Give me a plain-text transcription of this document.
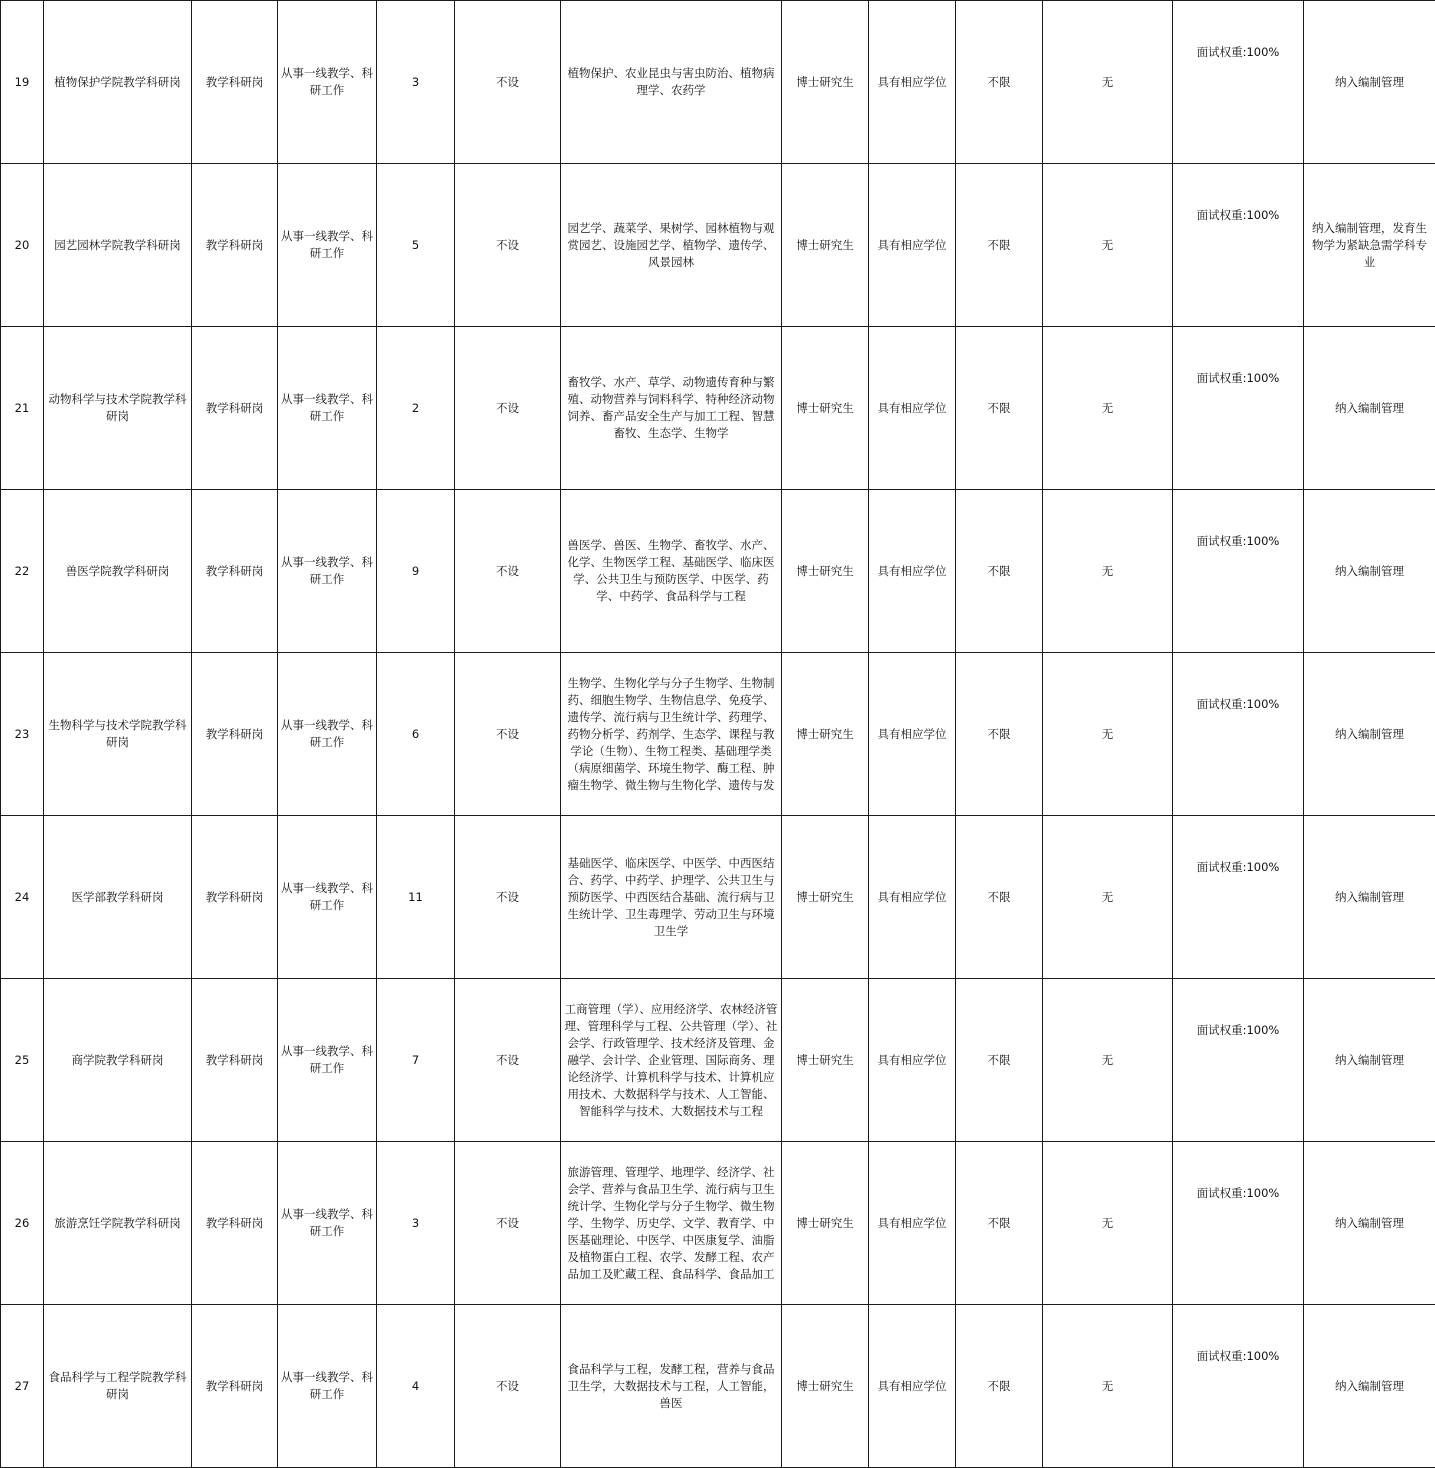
19	植物保护学院教学科研岗	教学科研岗	从事一线教学、科研工作	3	不设	植物保护、农业昆虫与害虫防治、植物病理学、农药学	博士研究生	具有相应学位	不限	无	面试权重:100%	纳入编制管理
20	园艺园林学院教学科研岗	教学科研岗	从事一线教学、科研工作	5	不设	园艺学、蔬菜学、果树学、园林植物与观赏园艺、设施园艺学、植物学、遗传学、风景园林	博士研究生	具有相应学位	不限	无	面试权重:100%	纳入编制管理，发育生物学为紧缺急需学科专业
21	动物科学与技术学院教学科研岗	教学科研岗	从事一线教学、科研工作	2	不设	畜牧学、水产、草学、动物遗传育种与繁殖、动物营养与饲料科学、特种经济动物饲养、畜产品安全生产与加工工程、智慧畜牧、生态学、生物学	博士研究生	具有相应学位	不限	无	面试权重:100%	纳入编制管理
22	兽医学院教学科研岗	教学科研岗	从事一线教学、科研工作	9	不设	兽医学、兽医、生物学、畜牧学、水产、化学、生物医学工程、基础医学、临床医学、公共卫生与预防医学、中医学、药学、中药学、食品科学与工程	博士研究生	具有相应学位	不限	无	面试权重:100%	纳入编制管理
23	生物科学与技术学院教学科研岗	教学科研岗	从事一线教学、科研工作	6	不设	生物学、生物化学与分子生物学、生物制药、细胞生物学、生物信息学、免疫学、遗传学、流行病与卫生统计学、药理学、药物分析学、药剂学、生态学、课程与教学论（生物）、生物工程类、基础理学类（病原细菌学、环境生物学、酶工程、肿瘤生物学、微生物与生物化学、遗传与发	博士研究生	具有相应学位	不限	无	面试权重:100%	纳入编制管理
24	医学部教学科研岗	教学科研岗	从事一线教学、科研工作	11	不设	基础医学、临床医学、中医学、中西医结合、药学、中药学、护理学、公共卫生与预防医学、中西医结合基础、流行病与卫生统计学、卫生毒理学、劳动卫生与环境卫生学	博士研究生	具有相应学位	不限	无	面试权重:100%	纳入编制管理
25	商学院教学科研岗	教学科研岗	从事一线教学、科研工作	7	不设	工商管理（学）、应用经济学、农林经济管理、管理科学与工程、公共管理（学）、社会学、行政管理学、技术经济及管理、金融学、会计学、企业管理、国际商务、理论经济学、计算机科学与技术、计算机应用技术、大数据科学与技术、人工智能、智能科学与技术、大数据技术与工程	博士研究生	具有相应学位	不限	无	面试权重:100%	纳入编制管理
26	旅游烹饪学院教学科研岗	教学科研岗	从事一线教学、科研工作	3	不设	旅游管理、管理学、地理学、经济学、社会学、营养与食品卫生学、流行病与卫生统计学、生物化学与分子生物学、微生物学、生物学、历史学、文学、教育学、中医基础理论、中医学、中医康复学、油脂及植物蛋白工程、农学、发酵工程、农产品加工及贮藏工程、食品科学、食品加工	博士研究生	具有相应学位	不限	无	面试权重:100%	纳入编制管理
27	食品科学与工程学院教学科研岗	教学科研岗	从事一线教学、科研工作	4	不设	食品科学与工程，发酵工程，营养与食品卫生学，大数据技术与工程，人工智能，兽医	博士研究生	具有相应学位	不限	无	面试权重:100%	纳入编制管理
